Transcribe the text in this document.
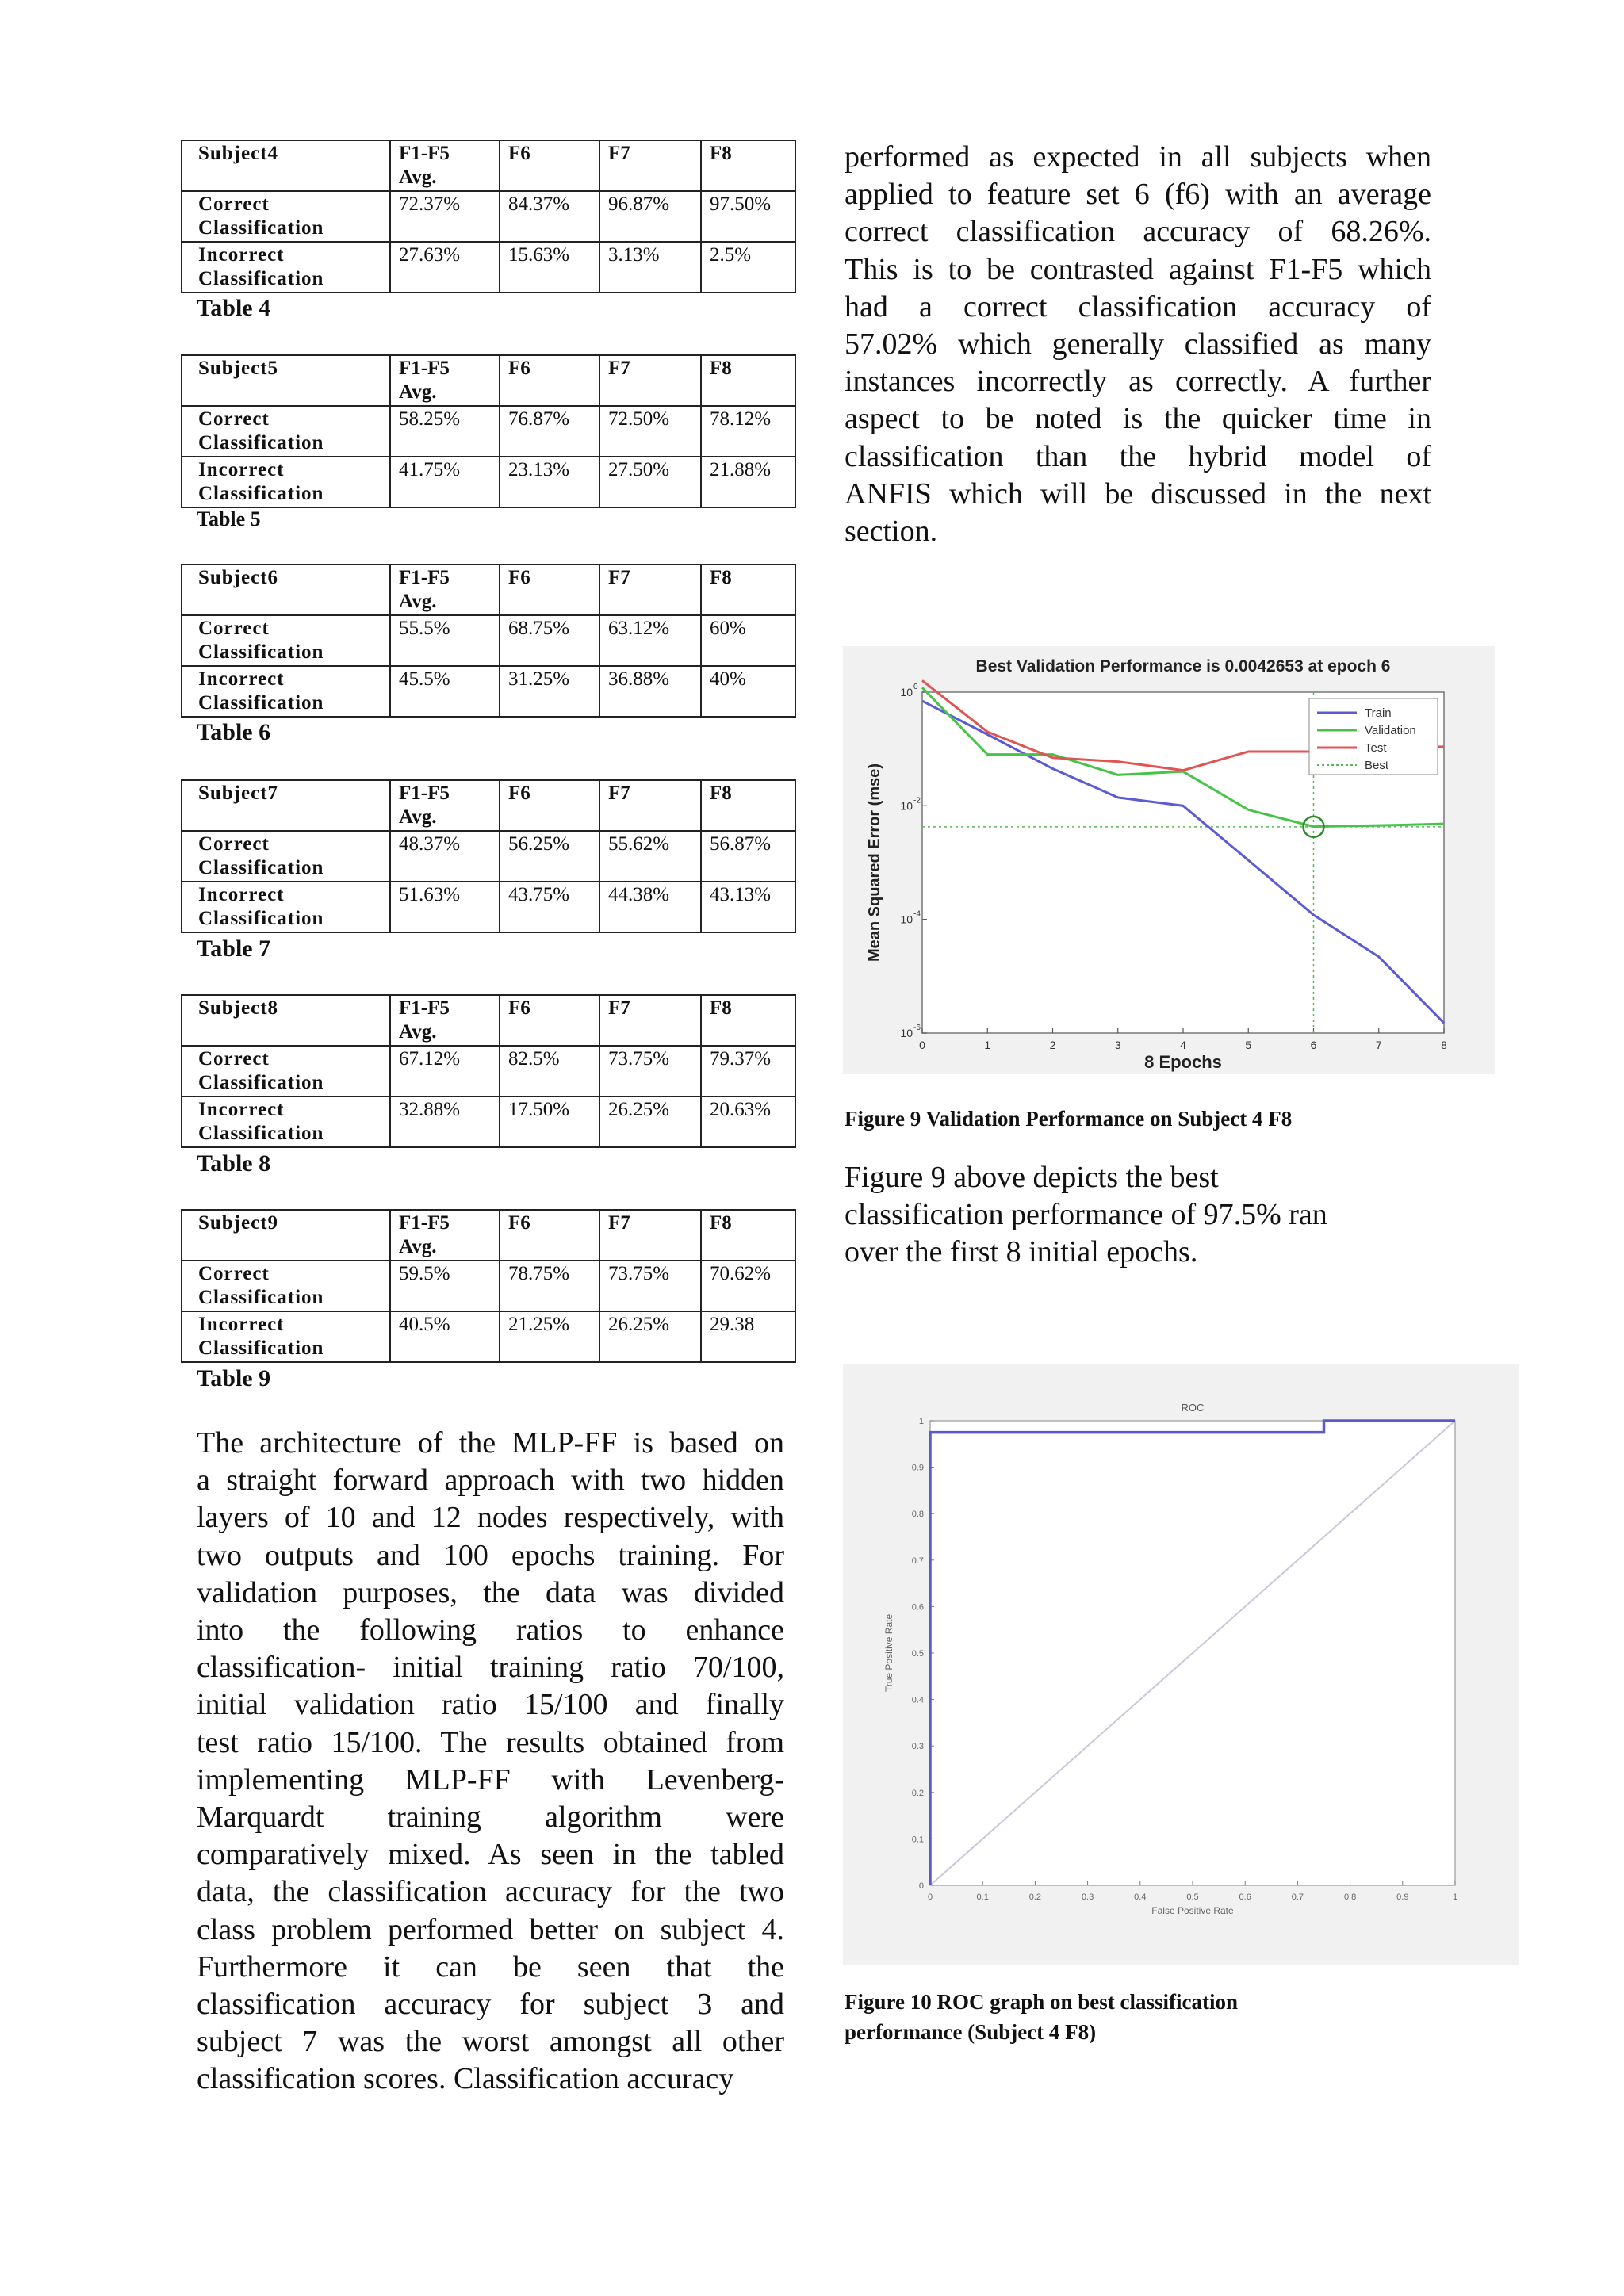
Subject4	F1-F5 Avg.	F6	F7	F8
Correct Classification	72.37%	84.37%	96.87%	97.50%
Incorrect Classification	27.63%	15.63%	3.13%	2.5%
Table 4
Subject5	F1-F5 Avg.	F6	F7	F8
Correct Classification	58.25%	76.87%	72.50%	78.12%
Incorrect Classification	41.75%	23.13%	27.50%	21.88%
Table 5
Subject6	F1-F5 Avg.	F6	F7	F8
Correct Classification	55.5%	68.75%	63.12%	60%
Incorrect Classification	45.5%	31.25%	36.88%	40%
Table 6
Subject7	F1-F5 Avg.	F6	F7	F8
Correct Classification	48.37%	56.25%	55.62%	56.87%
Incorrect Classification	51.63%	43.75%	44.38%	43.13%
Table 7
Subject8	F1-F5 Avg.	F6	F7	F8
Correct Classification	67.12%	82.5%	73.75%	79.37%
Incorrect Classification	32.88%	17.50%	26.25%	20.63%
Table 8
Subject9	F1-F5 Avg.	F6	F7	F8
Correct Classification	59.5%	78.75%	73.75%	70.62%
Incorrect Classification	40.5%	21.25%	26.25%	29.38
Table 9
The architecture of the MLP-FF is based on
a straight forward approach with two hidden
layers of 10 and 12 nodes respectively, with
two outputs and 100 epochs training. For
validation purposes, the data was divided
into the following ratios to enhance
classification- initial training ratio 70/100,
initial validation ratio 15/100 and finally
test ratio 15/100. The results obtained from
implementing MLP-FF with Levenberg-
Marquardt training algorithm were
comparatively mixed. As seen in the tabled
data, the classification accuracy for the two
class problem performed better on subject 4.
Furthermore it can be seen that the
classification accuracy for subject 3 and
subject 7 was the worst amongst all other
classification scores. Classification accuracy
performed as expected in all subjects when
applied to feature set 6 (f6) with an average
correct classification accuracy of 68.26%.
This is to be contrasted against F1-F5 which
had a correct classification accuracy of
57.02% which generally classified as many
instances incorrectly as correctly. A further
aspect to be noted is the quicker time in
classification than the hybrid model of
ANFIS which will be discussed in the next
section.
Best Validation Performance is 0.0042653 at epoch 6
0	1	2	3	4	5	6	7	8
10 0
10 -2
10 -4
10 -6
8 Epochs
Mean Squared Error (mse)
Train
Validation
Test
Best
Figure 9 Validation Performance on Subject 4 F8
Figure 9 above depicts the best
classification performance of 97.5% ran
over the first 8 initial epochs.
ROC
0	0.1	0.2	0.3	0.4	0.5	0.6	0.7	0.8	0.9	1
0
0.1
0.2
0.3
0.4
0.5
0.6
0.7
0.8
0.9
1
False Positive Rate
True Positive Rate
Figure 10 ROC graph on best classification
performance (Subject 4 F8)
